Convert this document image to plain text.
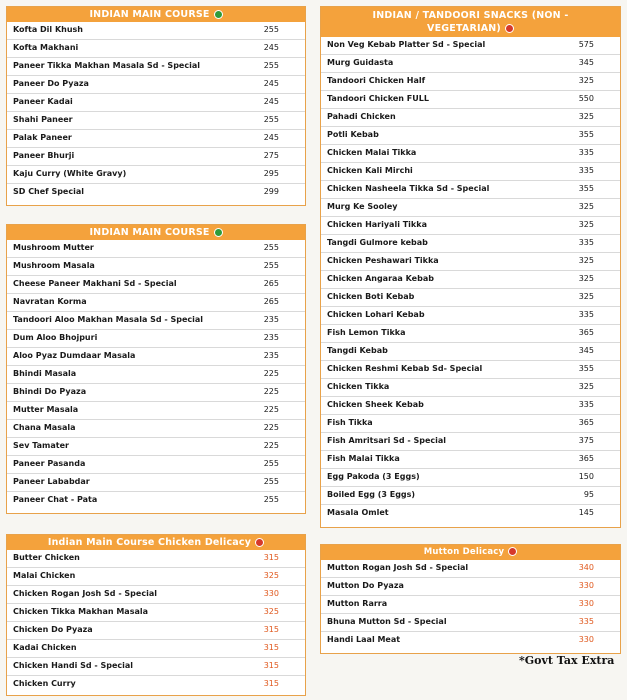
INDIAN MAIN COURSE
Kofta Dil Khush	255
Kofta Makhani	245
Paneer Tikka Makhan Masala Sd - Special	255
Paneer Do Pyaza	245
Paneer Kadai	245
Shahi Paneer	255
Palak Paneer	245
Paneer Bhurji	275
Kaju Curry (White Gravy)	295
SD Chef Special	299
INDIAN MAIN COURSE
Mushroom Mutter	255
Mushroom Masala	255
Cheese Paneer Makhani Sd - Special	265
Navratan Korma	265
Tandoori Aloo Makhan Masala Sd - Special	235
Dum Aloo Bhojpuri	235
Aloo Pyaz Dumdaar Masala	235
Bhindi Masala	225
Bhindi Do Pyaza	225
Mutter Masala	225
Chana Masala	225
Sev Tamater	225
Paneer Pasanda	255
Paneer Lababdar	255
Paneer Chat - Pata	255
Indian Main Course Chicken Delicacy
Butter Chicken	315
Malai Chicken	325
Chicken Rogan Josh Sd - Special	330
Chicken Tikka Makhan Masala	325
Chicken Do Pyaza	315
Kadai Chicken	315
Chicken Handi Sd - Special	315
Chicken Curry	315
INDIAN / TANDOORI SNACKS (NON -
VEGETARIAN)
Non Veg Kebab Platter Sd - Special	575
Murg Guidasta	345
Tandoori Chicken Half	325
Tandoori Chicken FULL	550
Pahadi Chicken	325
Potli Kebab	355
Chicken Malai Tikka	335
Chicken Kali Mirchi	335
Chicken Nasheela Tikka Sd - Special	355
Murg Ke Sooley	325
Chicken Hariyali Tikka	325
Tangdi Gulmore kebab	335
Chicken Peshawari Tikka	325
Chicken Angaraa Kebab	325
Chicken Boti Kebab	325
Chicken Lohari Kebab	335
Fish Lemon Tikka	365
Tangdi Kebab	345
Chicken Reshmi Kebab Sd- Special	355
Chicken Tikka	325
Chicken Sheek Kebab	335
Fish Tikka	365
Fish Amritsari Sd - Special	375
Fish Malai Tikka	365
Egg Pakoda (3 Eggs)	150
Boiled Egg (3 Eggs)	95
Masala Omlet	145
Mutton Delicacy
Mutton Rogan Josh Sd - Special	340
Mutton Do Pyaza	330
Mutton Rarra	330
Bhuna Mutton Sd - Special	335
Handi Laal Meat	330
*Govt Tax Extra
